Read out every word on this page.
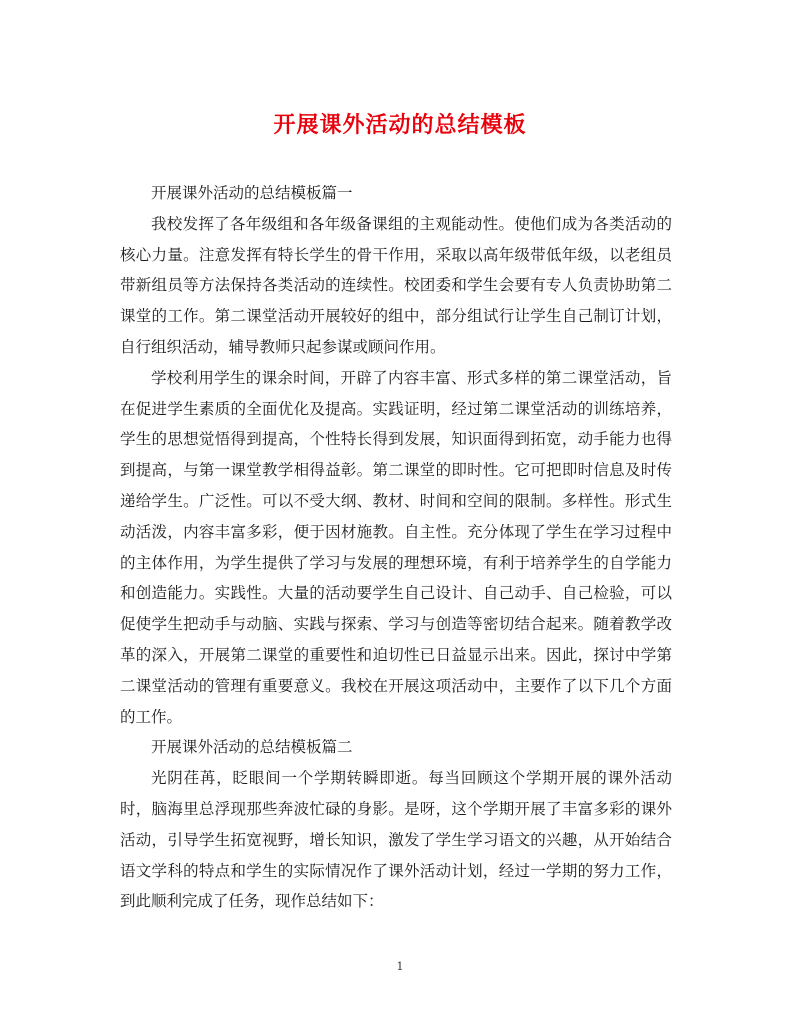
开展课外活动的总结模板

开展课外活动的总结模板篇一

我校发挥了各年级组和各年级备课组的主观能动性。使他们成为各类活动的核心力量。注意发挥有特长学生的骨干作用，采取以高年级带低年级，以老组员带新组员等方法保持各类活动的连续性。校团委和学生会要有专人负责协助第二课堂的工作。第二课堂活动开展较好的组中，部分组试行让学生自己制订计划，自行组织活动，辅导教师只起参谋或顾问作用。

学校利用学生的课余时间，开辟了内容丰富、形式多样的第二课堂活动，旨在促进学生素质的全面优化及提高。实践证明，经过第二课堂活动的训练培养，学生的思想觉悟得到提高，个性特长得到发展，知识面得到拓宽，动手能力也得到提高，与第一课堂教学相得益彰。第二课堂的即时性。它可把即时信息及时传递给学生。广泛性。可以不受大纲、教材、时间和空间的限制。多样性。形式生动活泼，内容丰富多彩，便于因材施教。自主性。充分体现了学生在学习过程中的主体作用，为学生提供了学习与发展的理想环境，有利于培养学生的自学能力和创造能力。实践性。大量的活动要学生自己设计、自己动手、自己检验，可以促使学生把动手与动脑、实践与探索、学习与创造等密切结合起来。随着教学改革的深入，开展第二课堂的重要性和迫切性已日益显示出来。因此，探讨中学第二课堂活动的管理有重要意义。我校在开展这项活动中，主要作了以下几个方面的工作。

开展课外活动的总结模板篇二

光阴荏苒，眨眼间一个学期转瞬即逝。每当回顾这个学期开展的课外活动时，脑海里总浮现那些奔波忙碌的身影。是呀，这个学期开展了丰富多彩的课外活动，引导学生拓宽视野，增长知识，激发了学生学习语文的兴趣，从开始结合语文学科的特点和学生的实际情况作了课外活动计划，经过一学期的努力工作，到此顺利完成了任务，现作总结如下：

1
